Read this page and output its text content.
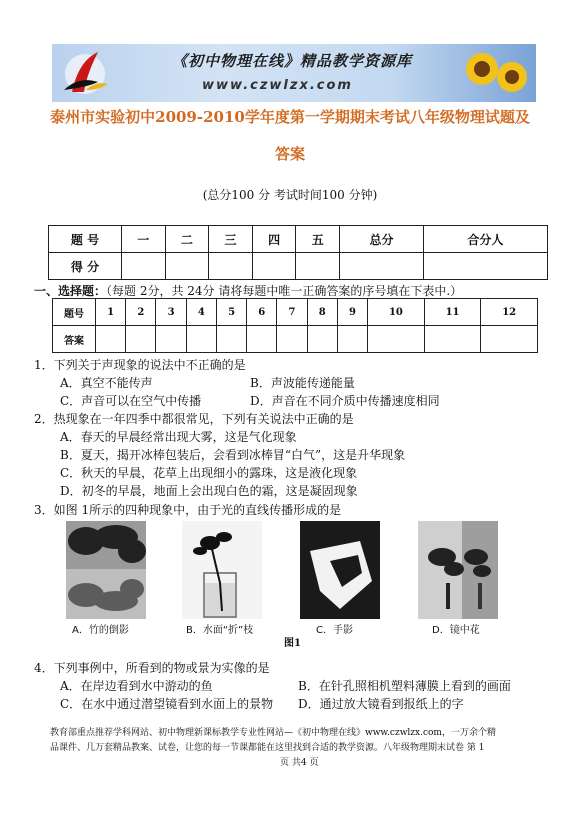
《初中物理在线》精品教学资源库
www.czwlzx.com
泰州市实验初中2009-2010学年度第一学期期末考试八年级物理试题及
答案
(总分100 分 考试时间100 分钟)
题 号	一	二	三	四	五	总分	合分人
得 分							
一、选择题：（每题 2分，共 24分 请将每题中唯一正确答案的序号填在下表中.）
题号	1	2	3	4	5	6	7	8	9	10	11	12
答案												
1．下列关于声现象的说法中不正确的是
A．真空不能传声	B．声波能传递能量
C．声音可以在空气中传播	D．声音在不同介质中传播速度相同
2．热现象在一年四季中都很常见，下列有关说法中正确的是
A．春天的早晨经常出现大雾，这是气化现象
B．夏天，揭开冰棒包装后，会看到冰棒冒“白气”，这是升华现象
C．秋天的早晨，花草上出现细小的露珠，这是液化现象
D．初冬的早晨，地面上会出现白色的霜，这是凝固现象
3．如图 1所示的四种现象中，由于光的直线传播形成的是
A．竹的倒影	B．水面“折”枝	C．手影	D．镜中花
图1
4．下列事例中，所看到的物或景为实像的是
A．在岸边看到水中游动的鱼	B．在针孔照相机塑料薄膜上看到的画面
C．在水中通过潜望镜看到水面上的景物 D．通过放大镜看到报纸上的字
教育部重点推荐学科网站、初中物理新课标教学专业性网站—《初中物理在线》www.czwlzx.com，一万余个精
品课件、几万套精品教案、试卷，让您的每一节课都能在这里找到合适的教学资源。八年级物理期末试卷 第 1
页 共4 页
